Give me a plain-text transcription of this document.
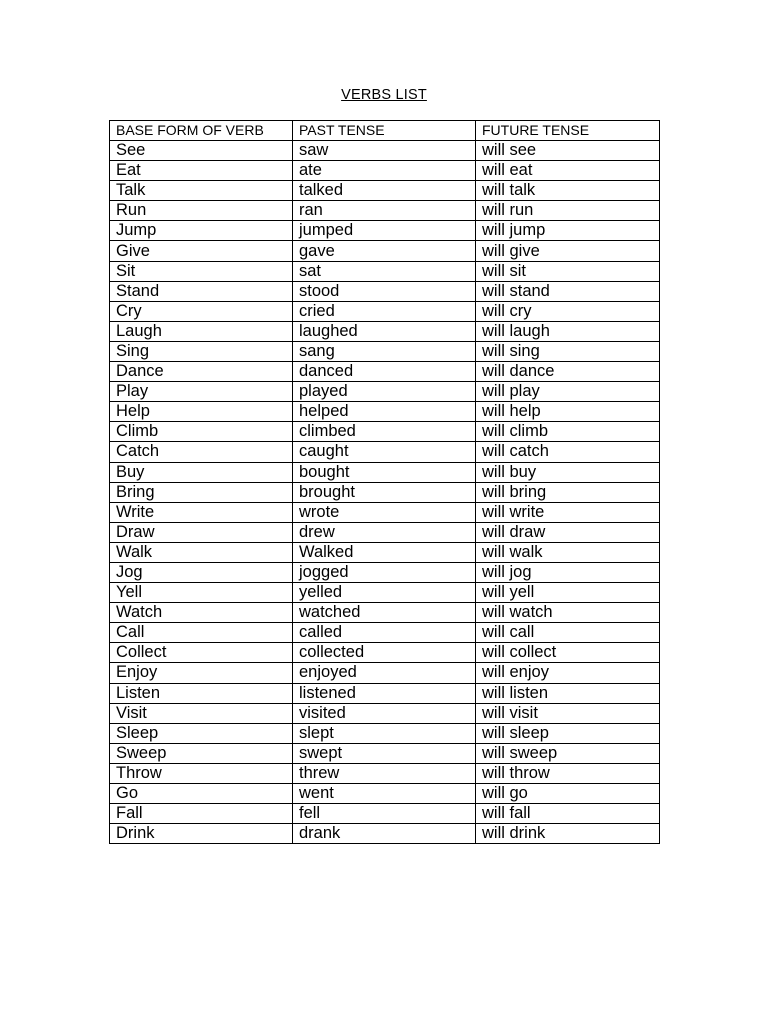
VERBS LIST
BASE FORM OF VERB	PAST TENSE	FUTURE TENSE
See	saw	will see
Eat	ate	will eat
Talk	talked	will talk
Run	ran	will run
Jump	jumped	will jump
Give	gave	will give
Sit	sat	will sit
Stand	stood	will stand
Cry	cried	will cry
Laugh	laughed	will laugh
Sing	sang	will sing
Dance	danced	will dance
Play	played	will play
Help	helped	will help
Climb	climbed	will climb
Catch	caught	will catch
Buy	bought	will buy
Bring	brought	will bring
Write	wrote	will write
Draw	drew	will draw
Walk	Walked	will walk
Jog	jogged	will jog
Yell	yelled	will yell
Watch	watched	will watch
Call	called	will call
Collect	collected	will collect
Enjoy	enjoyed	will enjoy
Listen	listened	will listen
Visit	visited	will visit
Sleep	slept	will sleep
Sweep	swept	will sweep
Throw	threw	will throw
Go	went	will go
Fall	fell	will fall
Drink	drank	will drink
